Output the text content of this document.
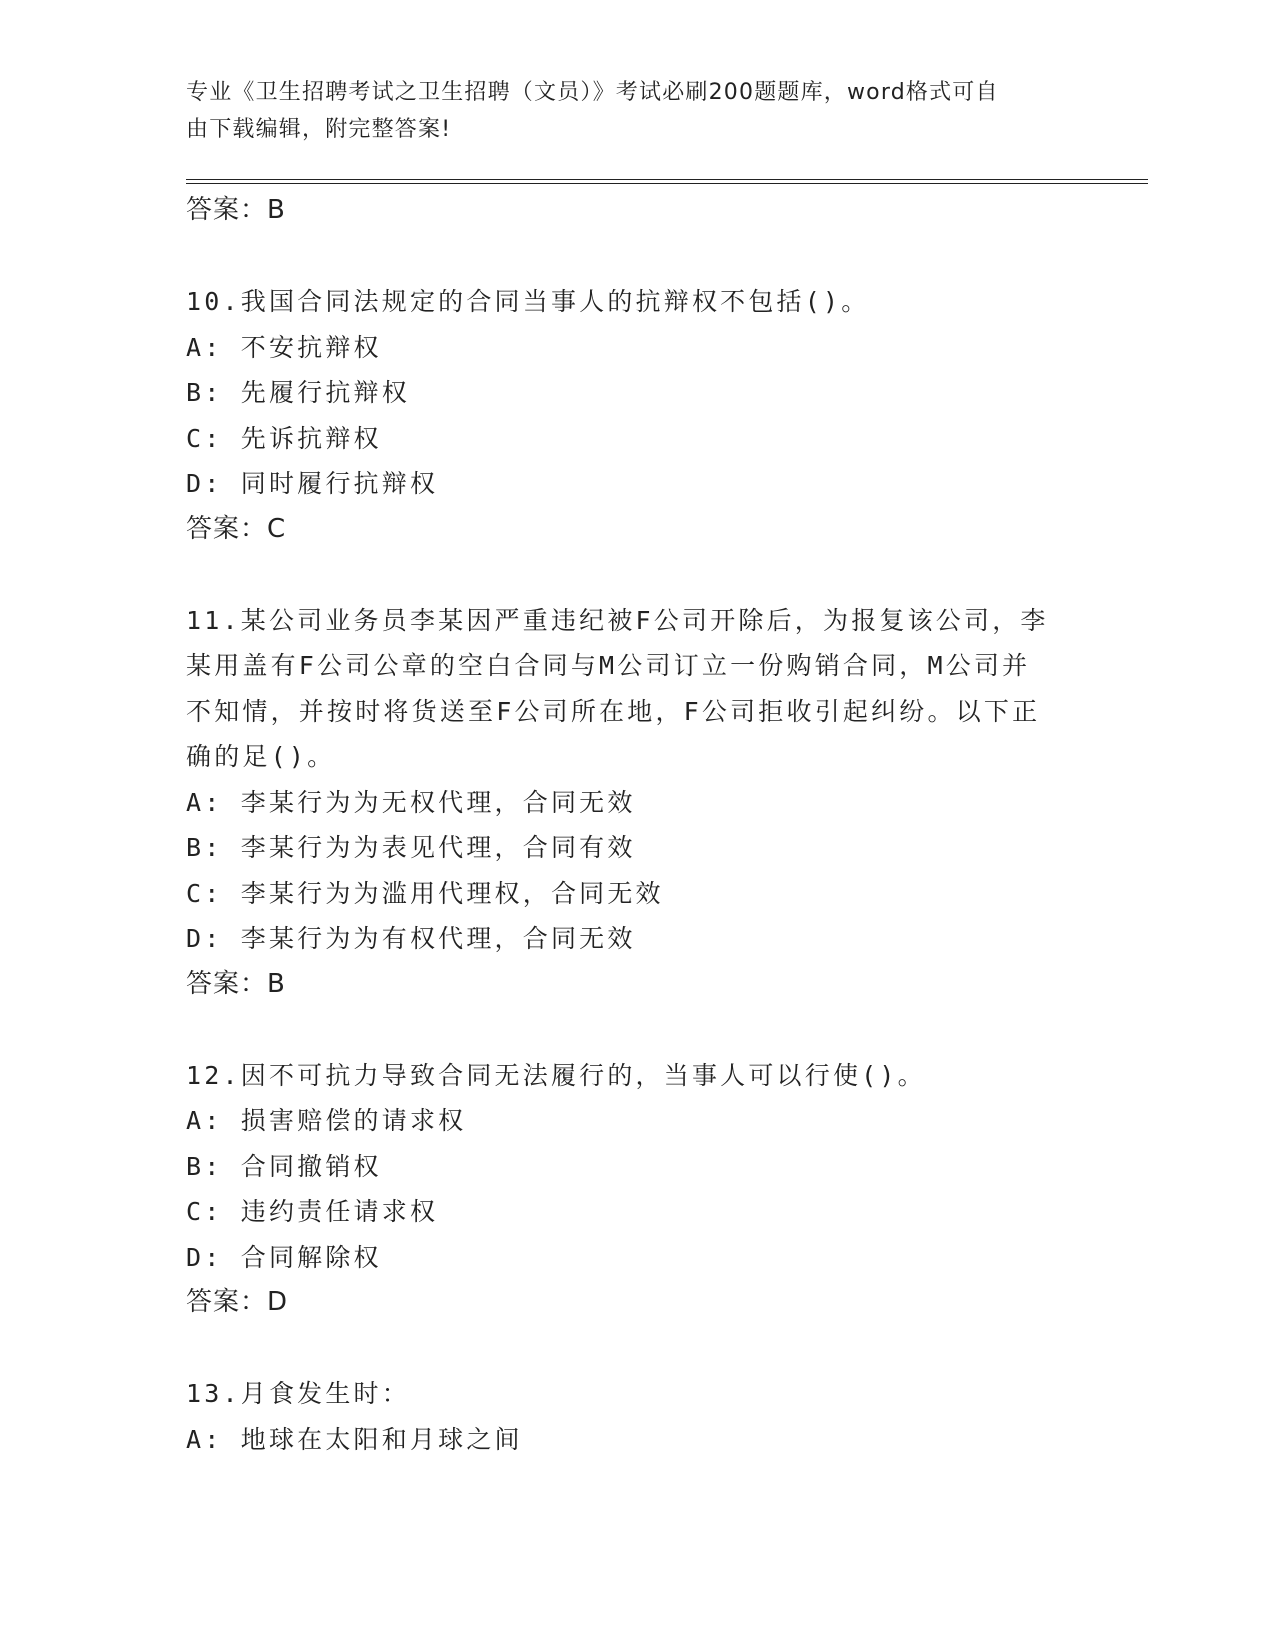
专业《卫生招聘考试之卫生招聘（文员）》考试必刷200题题库，word格式可自
由下载编辑，附完整答案!
答案：B
10.我国合同法规定的合同当事人的抗辩权不包括()。
A: 不安抗辩权
B: 先履行抗辩权
C: 先诉抗辩权
D: 同时履行抗辩权
答案：C
11.某公司业务员李某因严重违纪被F公司开除后，为报复该公司，李
某用盖有F公司公章的空白合同与M公司订立一份购销合同，M公司并
不知情，并按时将货送至F公司所在地，F公司拒收引起纠纷。以下正
确的足()。
A: 李某行为为无权代理，合同无效
B: 李某行为为表见代理，合同有效
C: 李某行为为滥用代理权，合同无效
D: 李某行为为有权代理，合同无效
答案：B
12.因不可抗力导致合同无法履行的，当事人可以行使()。
A: 损害赔偿的请求权
B: 合同撤销权
C: 违约责任请求权
D: 合同解除权
答案：D
13.月食发生时：
A: 地球在太阳和月球之间
